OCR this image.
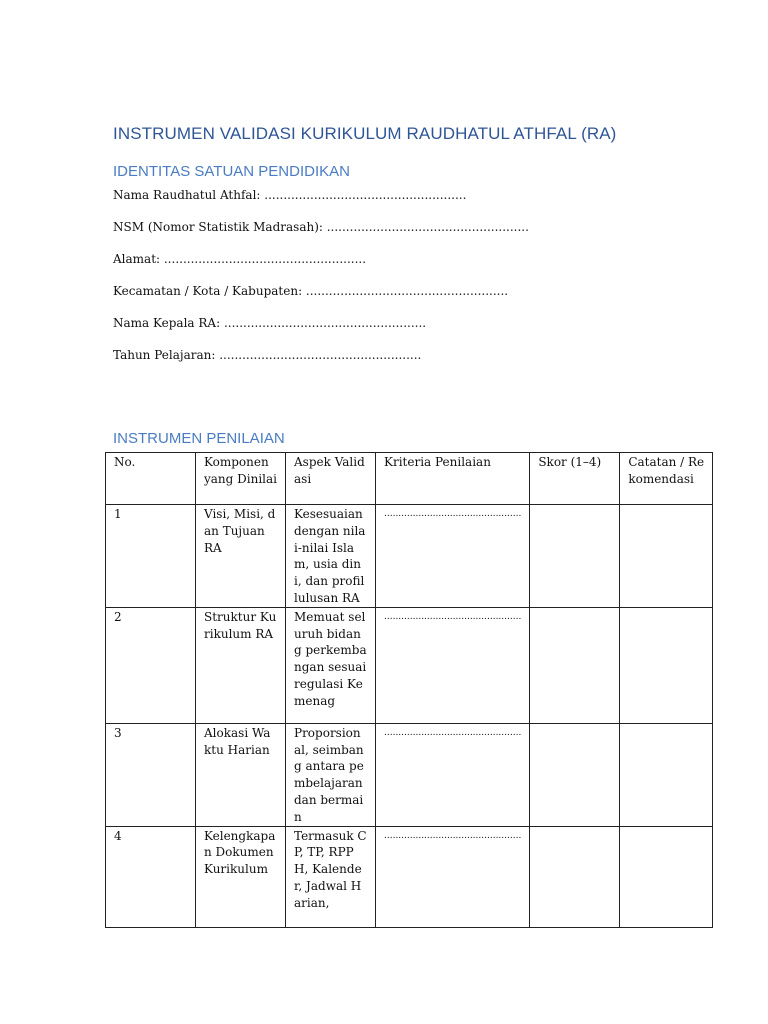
INSTRUMEN VALIDASI KURIKULUM RAUDHATUL ATHFAL (RA)
IDENTITAS SATUAN PENDIDIKAN
Nama Raudhatul Athfal: .....................................................
NSM (Nomor Statistik Madrasah): .....................................................
Alamat: .....................................................
Kecamatan / Kota / Kabupaten: .....................................................
Nama Kepala RA: .....................................................
Tahun Pelajaran: .....................................................
INSTRUMEN PENILAIAN
No.	Komponen yang Dinilai	Aspek Validasi	Kriteria Penilaian	Skor (1–4)	Catatan / Rekomendasi
1	Visi, Misi, dan Tujuan RA	Kesesuaian dengan nilai-nilai Islam, usia dini, dan profil lulusan RA	................................................		
2	Struktur Kurikulum RA	Memuat seluruh bidang perkembangan sesuai regulasi Kemenag	................................................		
3	Alokasi Waktu Harian	Proporsional, seimbang antara pembelajaran dan bermain	................................................		
4	Kelengkapan Dokumen Kurikulum	Termasuk CP, TP, RPPH, Kalender, Jadwal Harian,	................................................		
